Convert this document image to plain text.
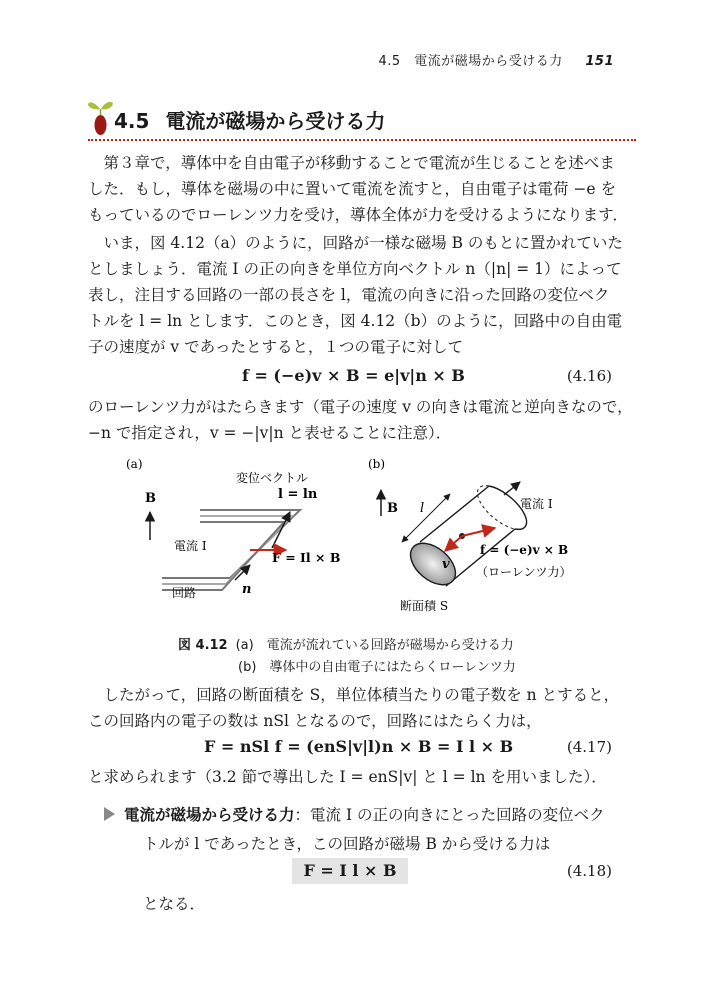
4.5　電流が磁場から受ける力 151
4.5 電流が磁場から受ける力
　第３章で，導体中を自由電子が移動することで電流が生じることを述べま
した．もし，導体を磁場の中に置いて電流を流すと，自由電子は電荷 −e を
もっているのでローレンツ力を受け，導体全体が力を受けるようになります．
　いま，図 4.12（a）のように，回路が一様な磁場 B のもとに置かれていた
としましょう．電流 I の正の向きを単位方向ベクトル n（|n| = 1）によって
表し，注目する回路の一部の長さを l，電流の向きに沿った回路の変位ベク
トルを l = ln とします．このとき，図 4.12（b）のように，回路中の自由電
子の速度が v であったとすると，１つの電子に対して
f = (−e)v × B = e|v|n × B	(4.16)
のローレンツ力がはたらきます（電子の速度 v の向きは電流と逆向きなので，
−n で指定され，v = −|v|n と表せることに注意）．
(a)
変位ベクトル
l = ln
B
電流 I
F = Il × B
n
回路
(b)
B l	電流 I
v
f = (−e)v × B
（ローレンツ力）
断面積 S
図 4.12 (a)　電流が流れている回路が磁場から受ける力
(b)　導体中の自由電子にはたらくローレンツ力
　したがって，回路の断面積を S，単位体積当たりの電子数を n とすると，
この回路内の電子の数は nSl となるので，回路にはたらく力は，
F = nSl f = (enS|v|l)n × B = I l × B	(4.17)
と求められます（3.2 節で導出した I = enS|v| と l = ln を用いました）．
電流が磁場から受ける力：電流 I の正の向きにとった回路の変位ベク
トルが l であったとき，この回路が磁場 B から受ける力は
F = I l × B	(4.18)
となる．
